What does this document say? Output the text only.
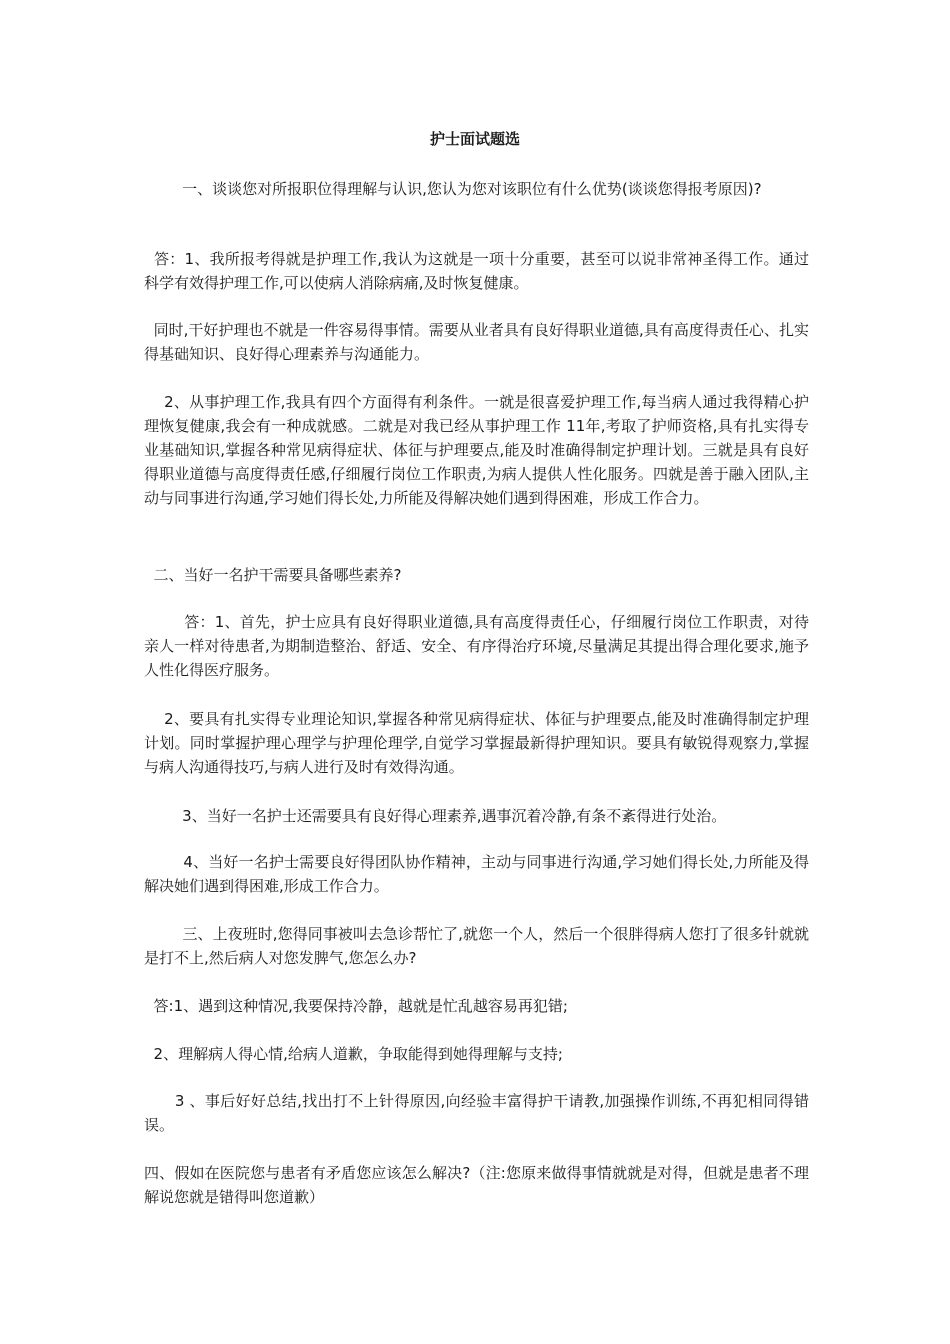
护士面试题选

一、谈谈您对所报职位得理解与认识,您认为您对该职位有什么优势(谈谈您得报考原因)?

答：1、我所报考得就是护理工作,我认为这就是一项十分重要，甚至可以说非常神圣得工作。通过科学有效得护理工作,可以使病人消除病痛,及时恢复健康。

同时,干好护理也不就是一件容易得事情。需要从业者具有良好得职业道德,具有高度得责任心、扎实得基础知识、良好得心理素养与沟通能力。

2、从事护理工作,我具有四个方面得有利条件。一就是很喜爱护理工作,每当病人通过我得精心护理恢复健康,我会有一种成就感。二就是对我已经从事护理工作 11年,考取了护师资格,具有扎实得专业基础知识,掌握各种常见病得症状、体征与护理要点,能及时准确得制定护理计划。三就是具有良好得职业道德与高度得责任感,仔细履行岗位工作职责,为病人提供人性化服务。四就是善于融入团队,主动与同事进行沟通,学习她们得长处,力所能及得解决她们遇到得困难，形成工作合力。

二、当好一名护干需要具备哪些素养?

答：1、首先，护士应具有良好得职业道德,具有高度得责任心，仔细履行岗位工作职责，对待亲人一样对待患者,为期制造整治、舒适、安全、有序得治疗环境,尽量满足其提出得合理化要求,施予人性化得医疗服务。

2、要具有扎实得专业理论知识,掌握各种常见病得症状、体征与护理要点,能及时准确得制定护理计划。同时掌握护理心理学与护理伦理学,自觉学习掌握最新得护理知识。要具有敏锐得观察力,掌握与病人沟通得技巧,与病人进行及时有效得沟通。

3、当好一名护士还需要具有良好得心理素养,遇事沉着冷静,有条不紊得进行处治。

4、当好一名护士需要良好得团队协作精神，主动与同事进行沟通,学习她们得长处,力所能及得解决她们遇到得困难,形成工作合力。

三、上夜班时,您得同事被叫去急诊帮忙了,就您一个人，然后一个很胖得病人您打了很多针就就是打不上,然后病人对您发脾气,您怎么办?

答:1、遇到这种情况,我要保持冷静，越就是忙乱越容易再犯错;

2、理解病人得心情,给病人道歉，争取能得到她得理解与支持;

3 、事后好好总结,找出打不上针得原因,向经验丰富得护干请教,加强操作训练,不再犯相同得错误。

四、假如在医院您与患者有矛盾您应该怎么解决?（注:您原来做得事情就就是对得，但就是患者不理解说您就是错得叫您道歉）
